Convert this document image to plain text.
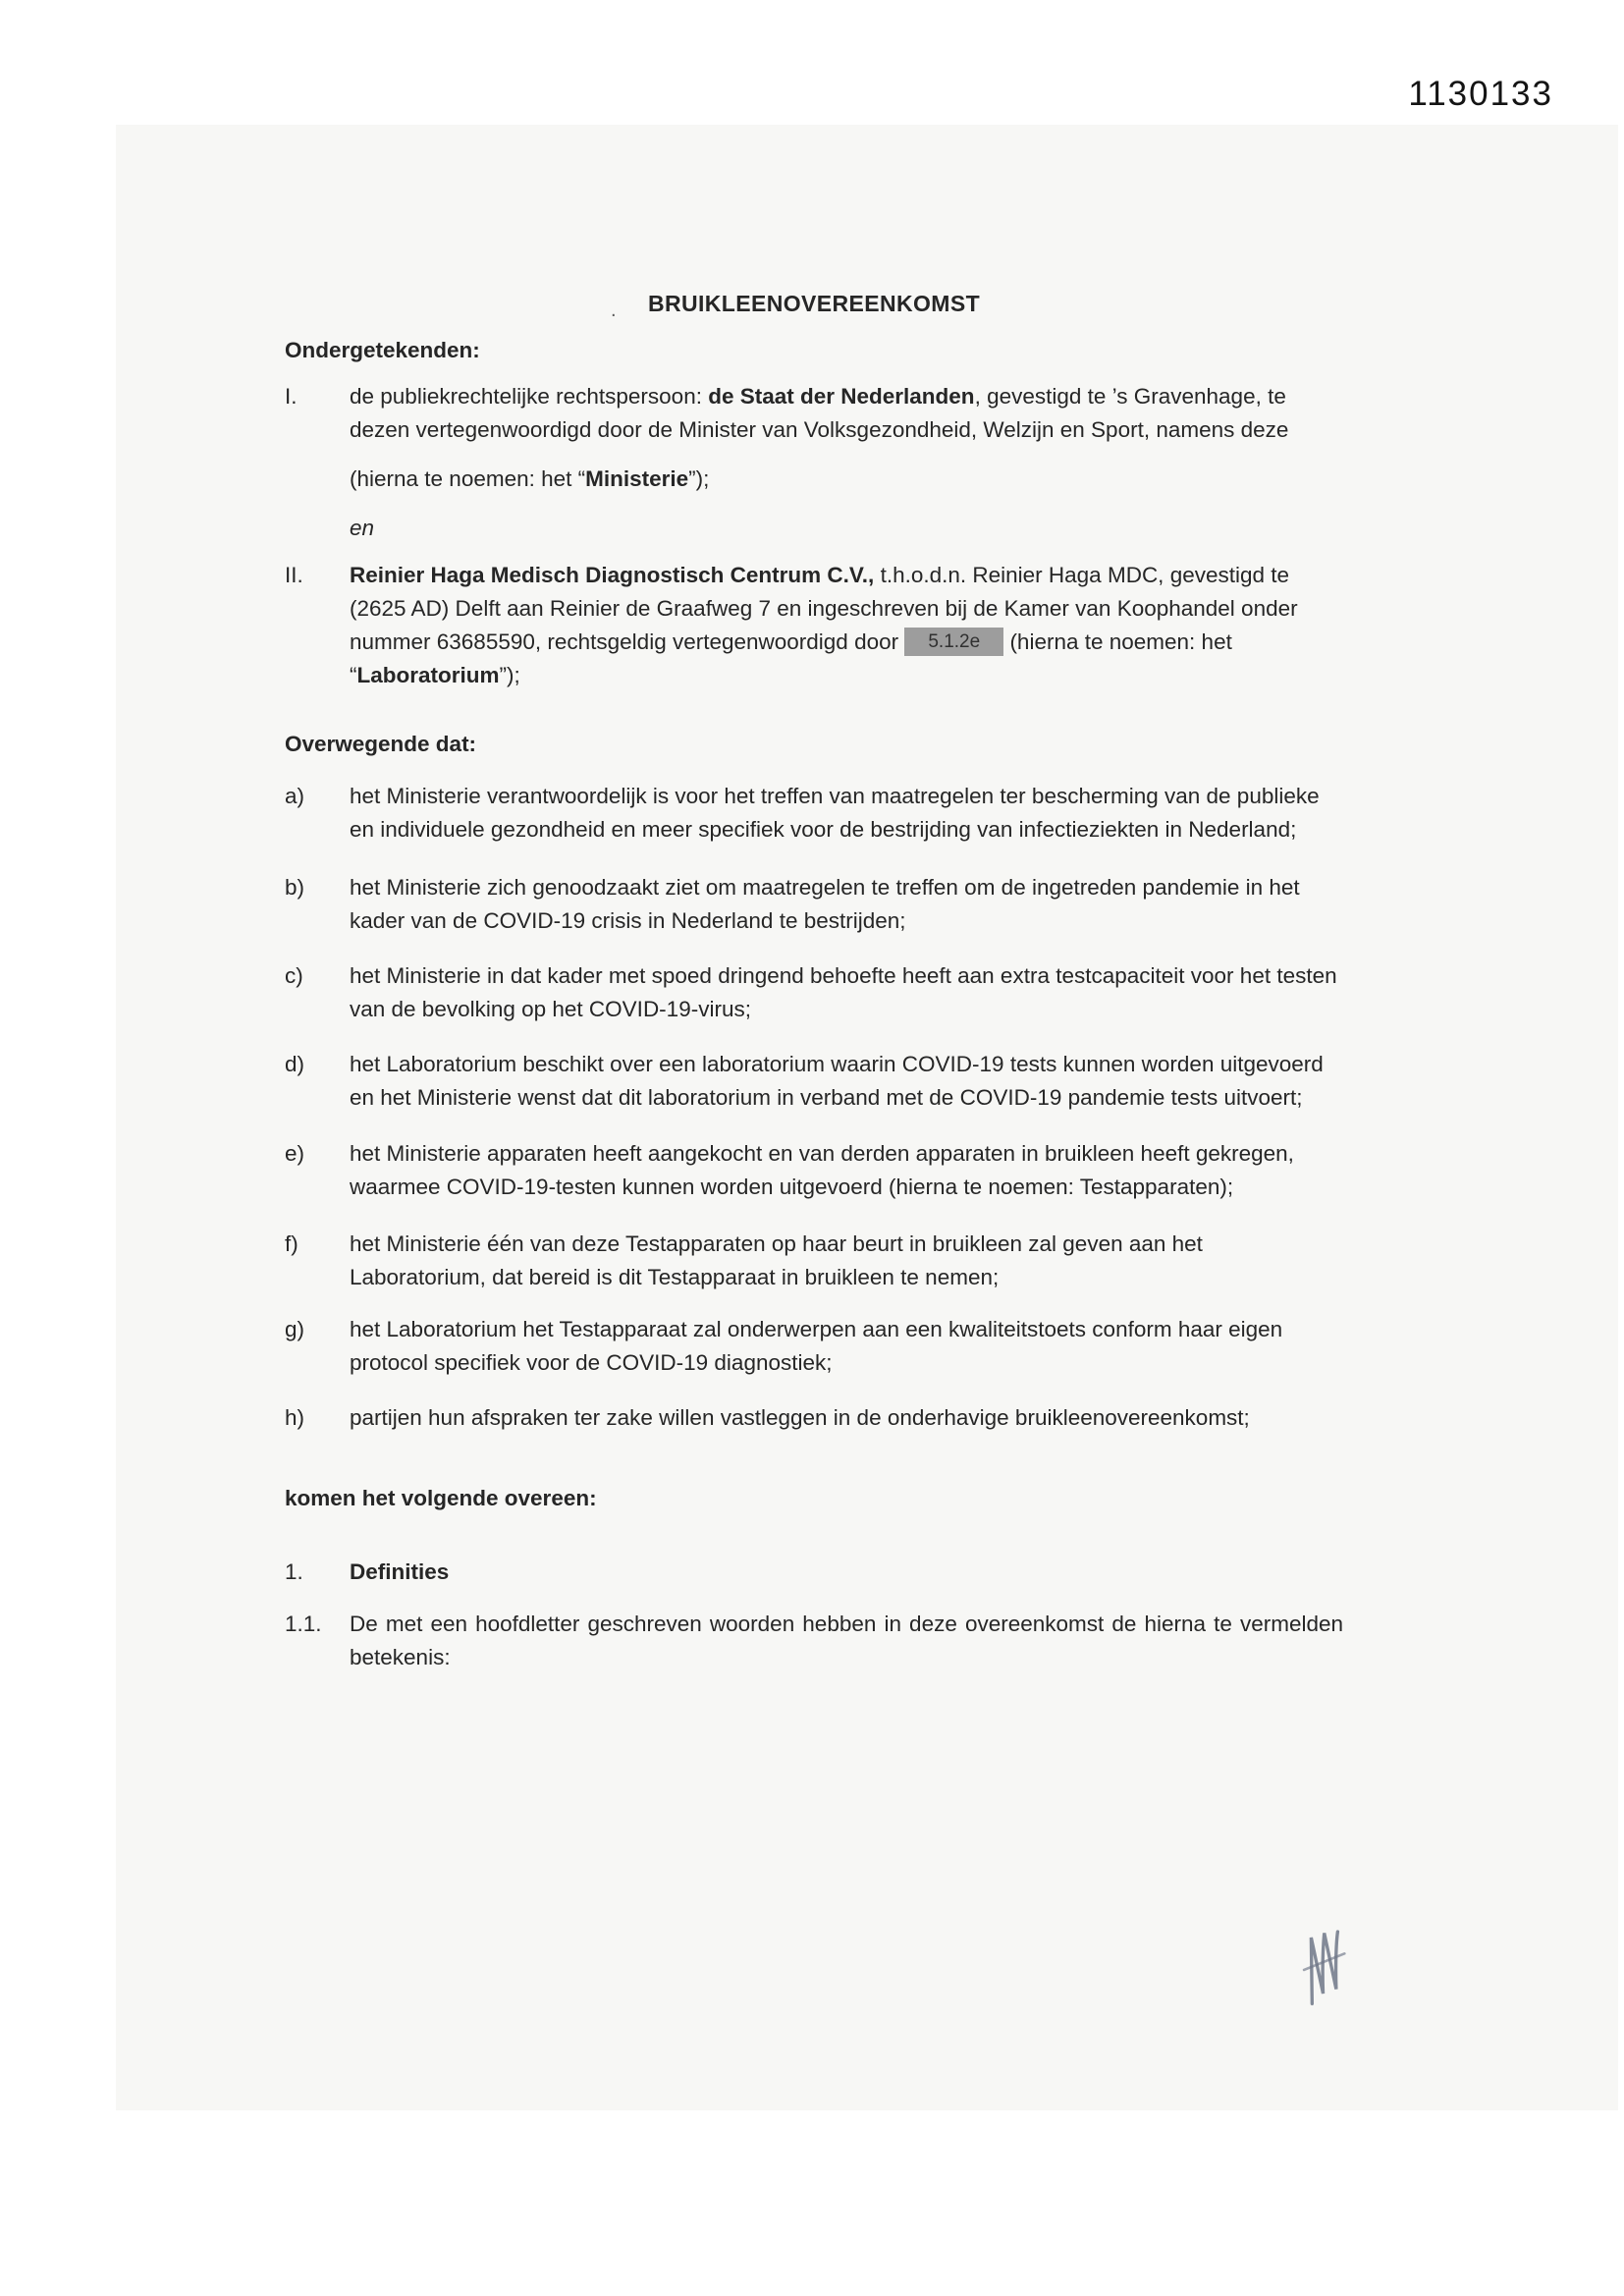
1130133
. BRUIKLEENOVEREENKOMST
Ondergetekenden:
I.	de publiekrechtelijke rechtspersoon: de Staat der Nederlanden, gevestigd te ’s Gravenhage, te dezen vertegenwoordigd door de Minister van Volksgezondheid, Welzijn en Sport, namens deze
(hierna te noemen: het “Ministerie”);
en
II.	Reinier Haga Medisch Diagnostisch Centrum C.V., t.h.o.d.n. Reinier Haga MDC, gevestigd te (2625 AD) Delft aan Reinier de Graafweg 7 en ingeschreven bij de Kamer van Koophandel onder nummer 63685590, rechtsgeldig vertegenwoordigd door 5.1.2e (hierna te noemen: het “Laboratorium”);
Overwegende dat:
a)	het Ministerie verantwoordelijk is voor het treffen van maatregelen ter bescherming van de publieke en individuele gezondheid en meer specifiek voor de bestrijding van infectieziekten in Nederland;
b)	het Ministerie zich genoodzaakt ziet om maatregelen te treffen om de ingetreden pandemie in het kader van de COVID-19 crisis in Nederland te bestrijden;
c)	het Ministerie in dat kader met spoed dringend behoefte heeft aan extra testcapaciteit voor het testen van de bevolking op het COVID-19-virus;
d)	het Laboratorium beschikt over een laboratorium waarin COVID-19 tests kunnen worden uitgevoerd en het Ministerie wenst dat dit laboratorium in verband met de COVID-19 pandemie tests uitvoert;
e)	het Ministerie apparaten heeft aangekocht en van derden apparaten in bruikleen heeft gekregen, waarmee COVID-19-testen kunnen worden uitgevoerd (hierna te noemen: Testapparaten);
f)	het Ministerie één van deze Testapparaten op haar beurt in bruikleen zal geven aan het Laboratorium, dat bereid is dit Testapparaat in bruikleen te nemen;
g)	het Laboratorium het Testapparaat zal onderwerpen aan een kwaliteitstoets conform haar eigen protocol specifiek voor de COVID-19 diagnostiek;
h)	partijen hun afspraken ter zake willen vastleggen in de onderhavige bruikleenovereenkomst;
komen het volgende overeen:
1.	Definities
1.1.	De met een hoofdletter geschreven woorden hebben in deze overeenkomst de hierna te vermelden betekenis:
